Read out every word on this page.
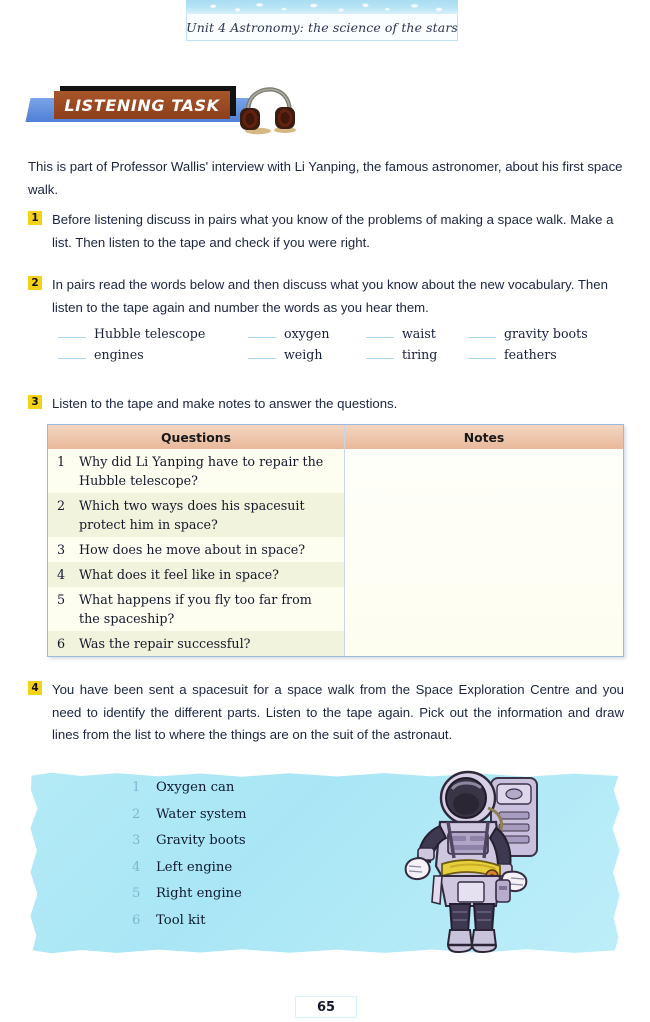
Unit 4 Astronomy: the science of the stars
LISTENING TASK

This is part of Professor Wallis' interview with Li Yanping, the famous astronomer, about his first space walk.

1 Before listening discuss in pairs what you know of the problems of making a space walk. Make a list. Then listen to the tape and check if you were right.
2 In pairs read the words below and then discuss what you know about the new vocabulary. Then listen to the tape again and number the words as you hear them.
Hubble telescope	oxygen	waist	gravity boots
engines	weigh	tiring	feathers
3 Listen to the tape and make notes to answer the questions.
Questions	Notes
1	Why did Li Yanping have to repair the Hubble telescope?
2	Which two ways does his spacesuit protect him in space?
3	How does he move about in space?
4	What does it feel like in space?
5	What happens if you fly too far from the spaceship?
6	Was the repair successful?
4 You have been sent a spacesuit for a space walk from the Space Exploration Centre and you need to identify the different parts. Listen to the tape again. Pick out the information and draw lines from the list to where the things are on the suit of the astronaut.
1	Oxygen can
2	Water system
3	Gravity boots
4	Left engine
5	Right engine
6	Tool kit
65
